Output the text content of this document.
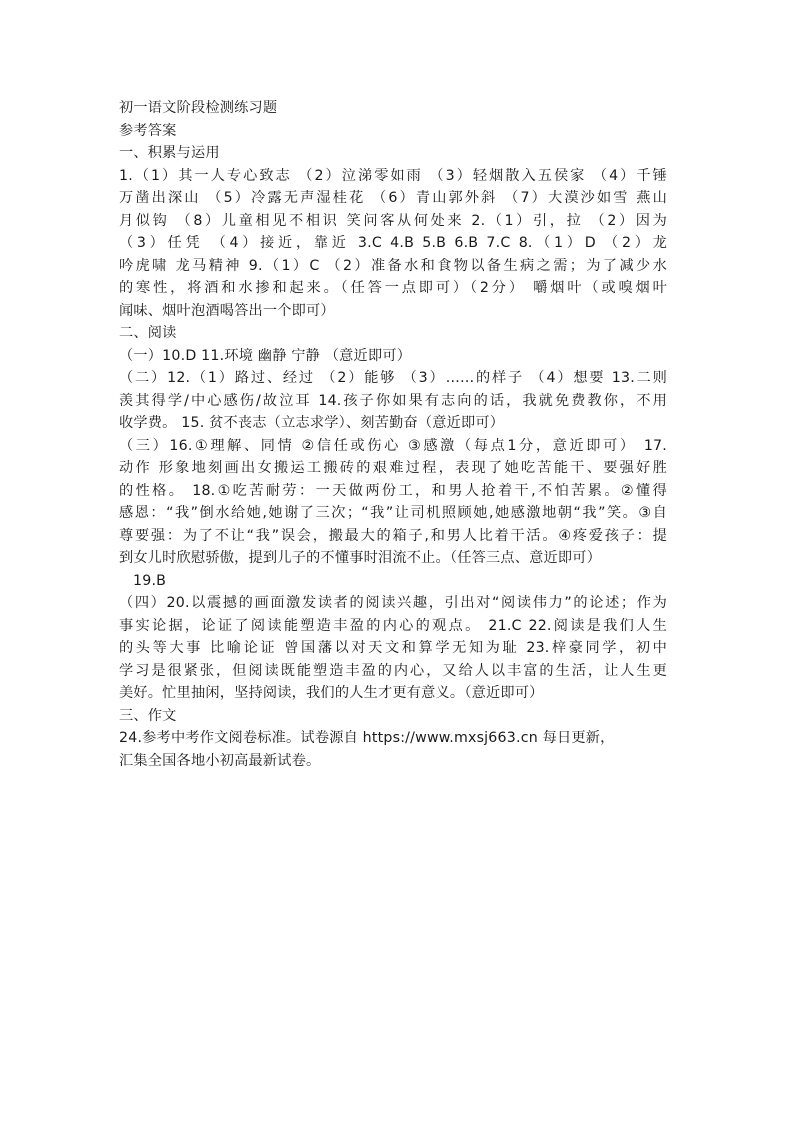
初一语文阶段检测练习题
参考答案
一、积累与运用
1.（1）其一人专心致志 （2）泣涕零如雨 （3）轻烟散入五侯家 （4）千锤
万凿出深山 （5）冷露无声湿桂花 （6）青山郭外斜 （7）大漠沙如雪 燕山
月似钩 （8）儿童相见不相识 笑问客从何处来 2.（1）引，拉 （2）因为
（3）任凭 （4）接近，靠近 3.C 4.B 5.B 6.B 7.C 8.（1）D （2）龙
吟虎啸 龙马精神 9.（1）C （2）准备水和食物以备生病之需；为了减少水
的寒性，将酒和水掺和起来。（任答一点即可）（2分） 嚼烟叶（或嗅烟叶
闻味、烟叶泡酒喝答出一个即可）
二、阅读
（一）10.D 11.环境 幽静 宁静 （意近即可）
（二）12.（1）路过、经过 （2）能够 （3）……的样子 （4）想要 13.二则
羡其得学/中心感伤/故泣耳 14.孩子你如果有志向的话，我就免费教你，不用
收学费。 15. 贫不丧志（立志求学）、刻苦勤奋（意近即可）
（三）16.①理解、同情 ②信任或伤心 ③感激（每点1分，意近即可） 17.
动作 形象地刻画出女搬运工搬砖的艰难过程，表现了她吃苦能干、要强好胜
的性格。 18.①吃苦耐劳：一天做两份工，和男人抢着干,不怕苦累。②懂得
感恩：“我”倒水给她,她谢了三次；“我”让司机照顾她,她感激地朝“我”笑。③自
尊要强：为了不让“我”误会，搬最大的箱子,和男人比着干活。④疼爱孩子：提
到女儿时欣慰骄傲，提到儿子的不懂事时泪流不止。（任答三点、意近即可）
19.B
（四）20.以震撼的画面激发读者的阅读兴趣，引出对“阅读伟力”的论述；作为
事实论据，论证了阅读能塑造丰盈的内心的观点。 21.C 22.阅读是我们人生
的头等大事 比喻论证 曾国藩以对天文和算学无知为耻 23.梓豪同学，初中
学习是很紧张，但阅读既能塑造丰盈的内心，又给人以丰富的生活，让人生更
美好。忙里抽闲，坚持阅读，我们的人生才更有意义。（意近即可）
三、作文
24.参考中考作文阅卷标准。试卷源自 https://www.mxsj663.cn 每日更新，
汇集全国各地小初高最新试卷。
